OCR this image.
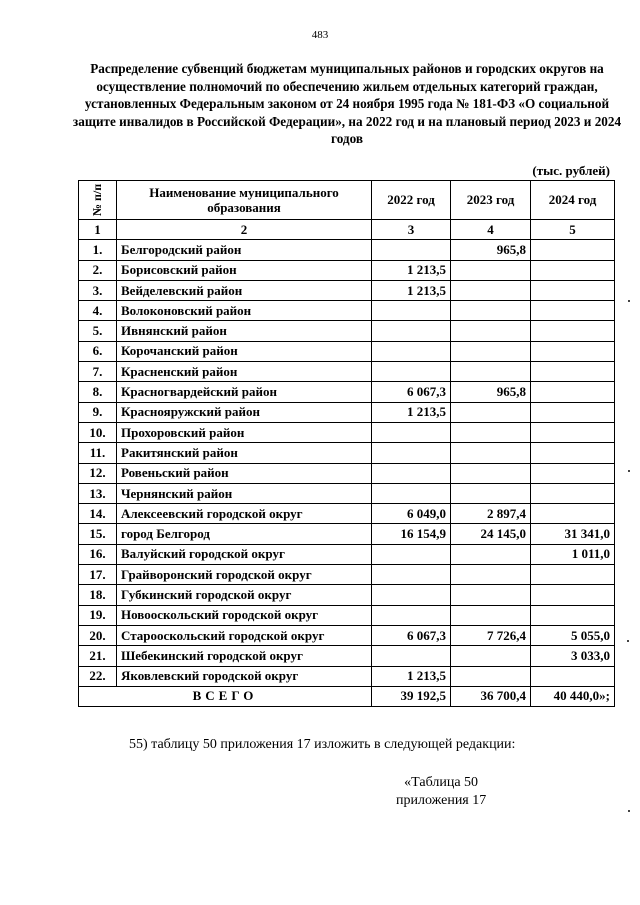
483

Распределение субвенций бюджетам муниципальных районов и городских округов на осуществление полномочий по обеспечению жильем отдельных категорий граждан, установленных Федеральным законом от 24 ноября 1995 года № 181-ФЗ «О социальной защите инвалидов в Российской Федерации», на 2022 год и на плановый период 2023 и 2024 годов

(тыс. рублей)
№ п/п	Наименование муниципального образования	2022 год	2023 год	2024 год
1	2	3	4	5
1.	Белгородский район		965,8	
2.	Борисовский район	1 213,5		
3.	Вейделевский район	1 213,5		
4.	Волоконовский район			
5.	Ивнянский район			
6.	Корочанский район			
7.	Красненский район			
8.	Красногвардейский район	6 067,3	965,8	
9.	Краснояружский район	1 213,5		
10.	Прохоровский район			
11.	Ракитянский район			
12.	Ровеньский район			
13.	Чернянский район			
14.	Алексеевский городской округ	6 049,0	2 897,4	
15.	город Белгород	16 154,9	24 145,0	31 341,0
16.	Валуйский городской округ			1 011,0
17.	Грайворонский городской округ			
18.	Губкинский городской округ			
19.	Новооскольский городской округ			
20.	Старооскольский городской округ	6 067,3	7 726,4	5 055,0
21.	Шебекинский городской округ			3 033,0
22.	Яковлевский городской округ	1 213,5		
ВСЕГО		39 192,5	36 700,4	40 440,0»;
55) таблицу 50 приложения 17 изложить в следующей редакции:
«Таблица 50
приложения 17
